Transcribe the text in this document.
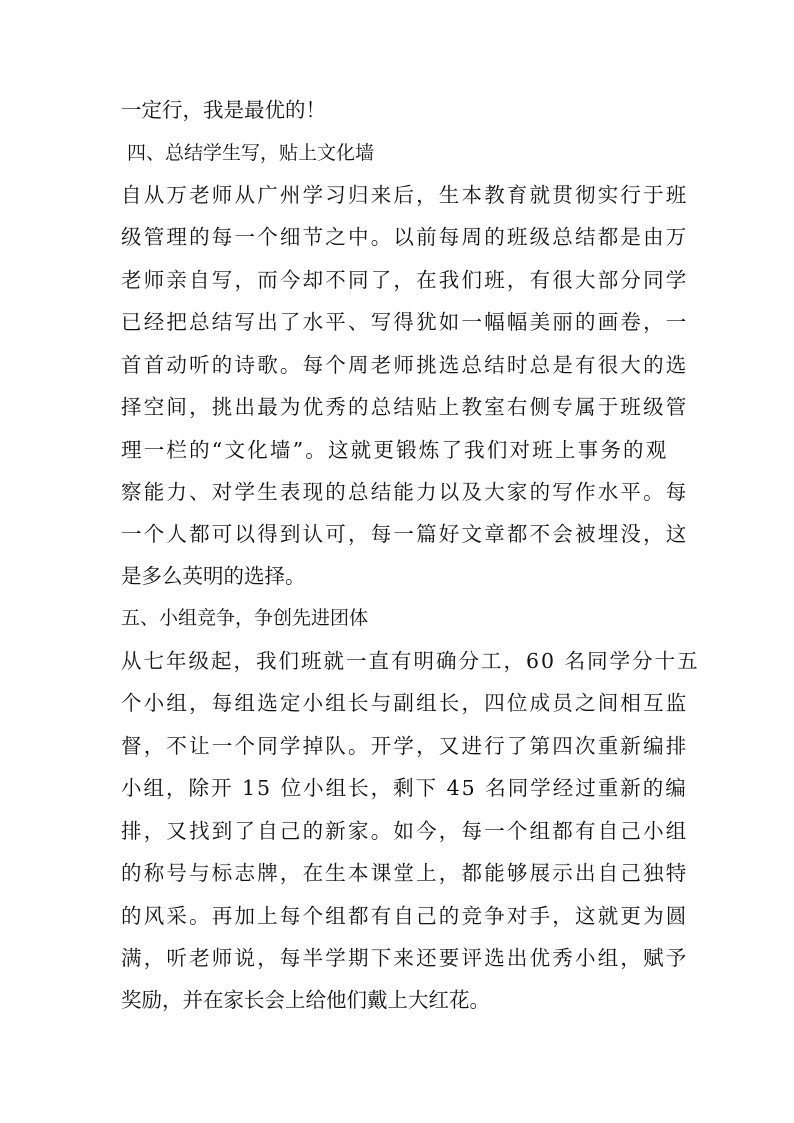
一定行，我是最优的！
四、总结学生写，贴上文化墙
自从万老师从广州学习归来后，生本教育就贯彻实行于班
级管理的每一个细节之中。以前每周的班级总结都是由万
老师亲自写，而今却不同了，在我们班，有很大部分同学
已经把总结写出了水平、写得犹如一幅幅美丽的画卷，一
首首动听的诗歌。每个周老师挑选总结时总是有很大的选
择空间，挑出最为优秀的总结贴上教室右侧专属于班级管
理一栏的“文化墙”。这就更锻炼了我们对班上事务的观
察能力、对学生表现的总结能力以及大家的写作水平。每
一个人都可以得到认可，每一篇好文章都不会被埋没，这
是多么英明的选择。
五、小组竞争，争创先进团体
从七年级起，我们班就一直有明确分工，60 名同学分十五
个小组，每组选定小组长与副组长，四位成员之间相互监
督，不让一个同学掉队。开学，又进行了第四次重新编排
小组，除开 15 位小组长，剩下 45 名同学经过重新的编
排，又找到了自己的新家。如今，每一个组都有自己小组
的称号与标志牌，在生本课堂上，都能够展示出自己独特
的风采。再加上每个组都有自己的竞争对手，这就更为圆
满，听老师说，每半学期下来还要评选出优秀小组，赋予
奖励，并在家长会上给他们戴上大红花。
